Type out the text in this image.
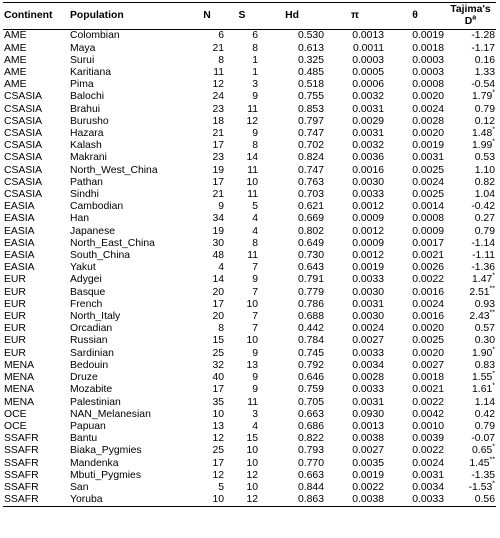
Continent	Population	N	S	Hd	π	θ	Tajima's $D^a$
AME	Colombian	6	6	0.530	0.0013	0.0019	-1.28
AME	Maya	21	8	0.613	0.0011	0.0018	-1.17
AME	Surui	8	1	0.325	0.0003	0.0003	0.16
AME	Karitiana	11	1	0.485	0.0005	0.0003	1.33
AME	Pima	12	3	0.518	0.0006	0.0008	-0.54
CSASIA	Balochi	24	9	0.755	0.0032	0.0020	1.79*
CSASIA	Brahui	23	11	0.853	0.0031	0.0024	0.79
CSASIA	Burusho	18	12	0.797	0.0029	0.0028	0.12
CSASIA	Hazara	21	9	0.747	0.0031	0.0020	1.48*
CSASIA	Kalash	17	8	0.702	0.0032	0.0019	1.99*
CSASIA	Makrani	23	14	0.824	0.0036	0.0031	0.53
CSASIA	North_West_China	19	11	0.747	0.0016	0.0025	1.10
CSASIA	Pathan	17	10	0.763	0.0030	0.0024	0.82
CSASIA	Sindhi	21	11	0.703	0.0033	0.0025	1.04
EASIA	Cambodian	9	5	0.621	0.0012	0.0014	-0.42
EASIA	Han	34	4	0.669	0.0009	0.0008	0.27
EASIA	Japanese	19	4	0.802	0.0012	0.0009	0.79
EASIA	North_East_China	30	8	0.649	0.0009	0.0017	-1.14
EASIA	South_China	48	11	0.730	0.0012	0.0021	-1.11
EASIA	Yakut	4	7	0.643	0.0019	0.0026	-1.36
EUR	Adygei	14	9	0.791	0.0033	0.0022	1.47*
EUR	Basque	20	7	0.779	0.0030	0.0016	2.51**
EUR	French	17	10	0.786	0.0031	0.0024	0.93
EUR	North_Italy	20	7	0.688	0.0030	0.0016	2.43**
EUR	Orcadian	8	7	0.442	0.0024	0.0020	0.57
EUR	Russian	15	10	0.784	0.0027	0.0025	0.30
EUR	Sardinian	25	9	0.745	0.0033	0.0020	1.90*
MENA	Bedouin	32	13	0.792	0.0034	0.0027	0.83
MENA	Druze	40	9	0.646	0.0028	0.0018	1.55*
MENA	Mozabite	17	9	0.759	0.0033	0.0021	1.61*
MENA	Palestinian	35	11	0.705	0.0031	0.0022	1.14
OCE	NAN_Melanesian	10	3	0.663	0.0930	0.0042	0.42
OCE	Papuan	13	4	0.686	0.0013	0.0010	0.79
SSAFR	Bantu	12	15	0.822	0.0038	0.0039	-0.07
SSAFR	Biaka_Pygmies	25	10	0.793	0.0027	0.0022	0.65*
SSAFR	Mandenka	17	10	0.770	0.0035	0.0024	1.45**
SSAFR	Mbuti_Pygmies	12	12	0.663	0.0019	0.0031	-1.35
SSAFR	San	5	10	0.844	0.0022	0.0034	-1.53*
SSAFR	Yoruba	10	12	0.863	0.0038	0.0033	0.56
